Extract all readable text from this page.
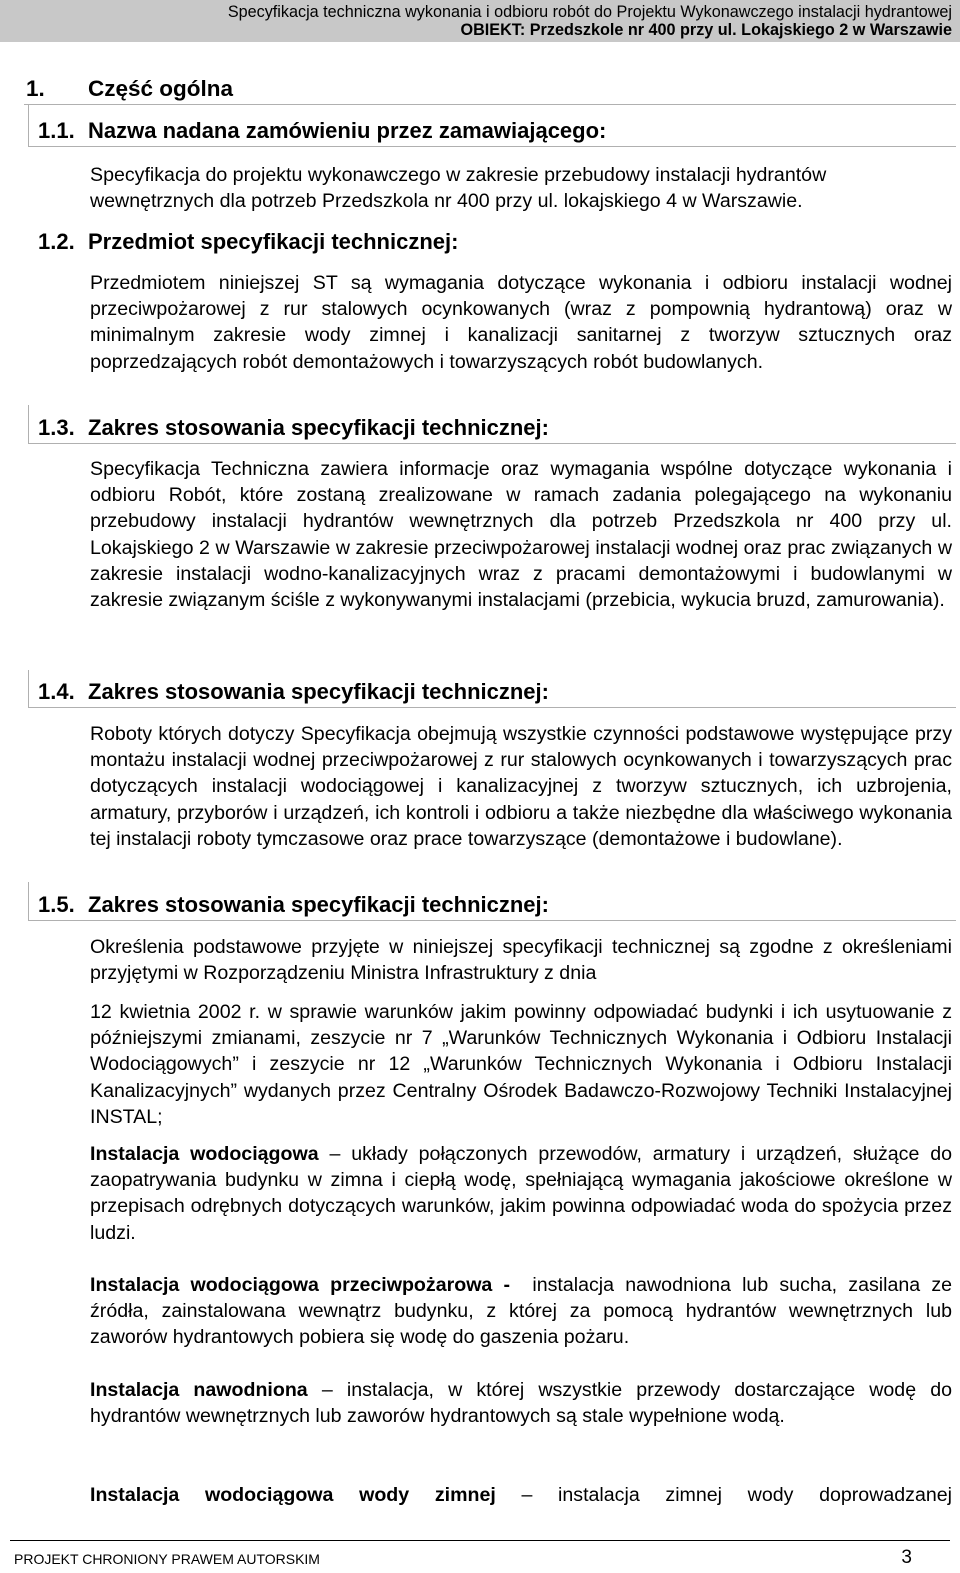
Specyfikacja techniczna wykonania i odbioru robót do Projektu Wykonawczego instalacji hydrantowej
OBIEKT: Przedszkole nr 400 przy ul. Lokajskiego 2 w Warszawie
1. Część ogólna
1.1. Nazwa nadana zamówieniu przez zamawiającego:

Specyfikacja do projektu wykonawczego w zakresie przebudowy instalacji hydrantów
wewnętrznych dla potrzeb Przedszkola nr 400 przy ul. lokajskiego 4 w Warszawie.

1.2. Przedmiot specyfikacji technicznej:

Przedmiotem niniejszej ST są wymagania dotyczące wykonania i odbioru instalacji wodnej przeciwpożarowej z rur stalowych ocynkowanych (wraz z pompownią hydrantową) oraz w minimalnym zakresie wody zimnej i kanalizacji sanitarnej z tworzyw sztucznych oraz poprzedzających robót demontażowych i towarzyszących robót budowlanych.

1.3. Zakres stosowania specyfikacji technicznej:

Specyfikacja Techniczna zawiera informacje oraz wymagania wspólne dotyczące wykonania i odbioru Robót, które zostaną zrealizowane w ramach zadania polegającego na wykonaniu przebudowy instalacji hydrantów wewnętrznych dla potrzeb Przedszkola nr 400 przy ul. Lokajskiego 2 w Warszawie w zakresie przeciwpożarowej instalacji wodnej oraz prac związanych w zakresie instalacji wodno-kanalizacyjnych wraz z pracami demontażowymi i budowlanymi w zakresie związanym ściśle z wykonywanymi instalacjami (przebicia, wykucia bruzd, zamurowania).

1.4. Zakres stosowania specyfikacji technicznej:

Roboty których dotyczy Specyfikacja obejmują wszystkie czynności podstawowe występujące przy montażu instalacji wodnej przeciwpożarowej z rur stalowych ocynkowanych i towarzyszących prac dotyczących instalacji wodociągowej i kanalizacyjnej z tworzyw sztucznych, ich uzbrojenia, armatury, przyborów i urządzeń, ich kontroli i odbioru a także niezbędne dla właściwego wykonania tej instalacji roboty tymczasowe oraz prace towarzyszące (demontażowe i budowlane).

1.5. Zakres stosowania specyfikacji technicznej:

Określenia podstawowe przyjęte w niniejszej specyfikacji technicznej są zgodne z określeniami przyjętymi w Rozporządzeniu Ministra Infrastruktury z dnia

12 kwietnia 2002 r. w sprawie warunków jakim powinny odpowiadać budynki i ich usytuowanie z późniejszymi zmianami, zeszycie nr 7 „Warunków Technicznych Wykonania i Odbioru Instalacji Wodociągowych” i zeszycie nr 12 „Warunków Technicznych Wykonania i Odbioru Instalacji Kanalizacyjnych” wydanych przez Centralny Ośrodek Badawczo-Rozwojowy Techniki Instalacyjnej INSTAL;

Instalacja wodociągowa – układy połączonych przewodów, armatury i urządzeń, służące do zaopatrywania budynku w zimna i ciepłą wodę, spełniającą wymagania jakościowe określone w przepisach odrębnych dotyczących warunków, jakim powinna odpowiadać woda do spożycia przez ludzi.

Instalacja wodociągowa przeciwpożarowa - instalacja nawodniona lub sucha, zasilana ze źródła, zainstalowana wewnątrz budynku, z której za pomocą hydrantów wewnętrznych lub zaworów hydrantowych pobiera się wodę do gaszenia pożaru.

Instalacja nawodniona – instalacja, w której wszystkie przewody dostarczające wodę do hydrantów wewnętrznych lub zaworów hydrantowych są stale wypełnione wodą.

Instalacja wodociągowa wody zimnej – instalacja zimnej wody doprowadzanej

PROJEKT CHRONIONY PRAWEM AUTORSKIM	3
